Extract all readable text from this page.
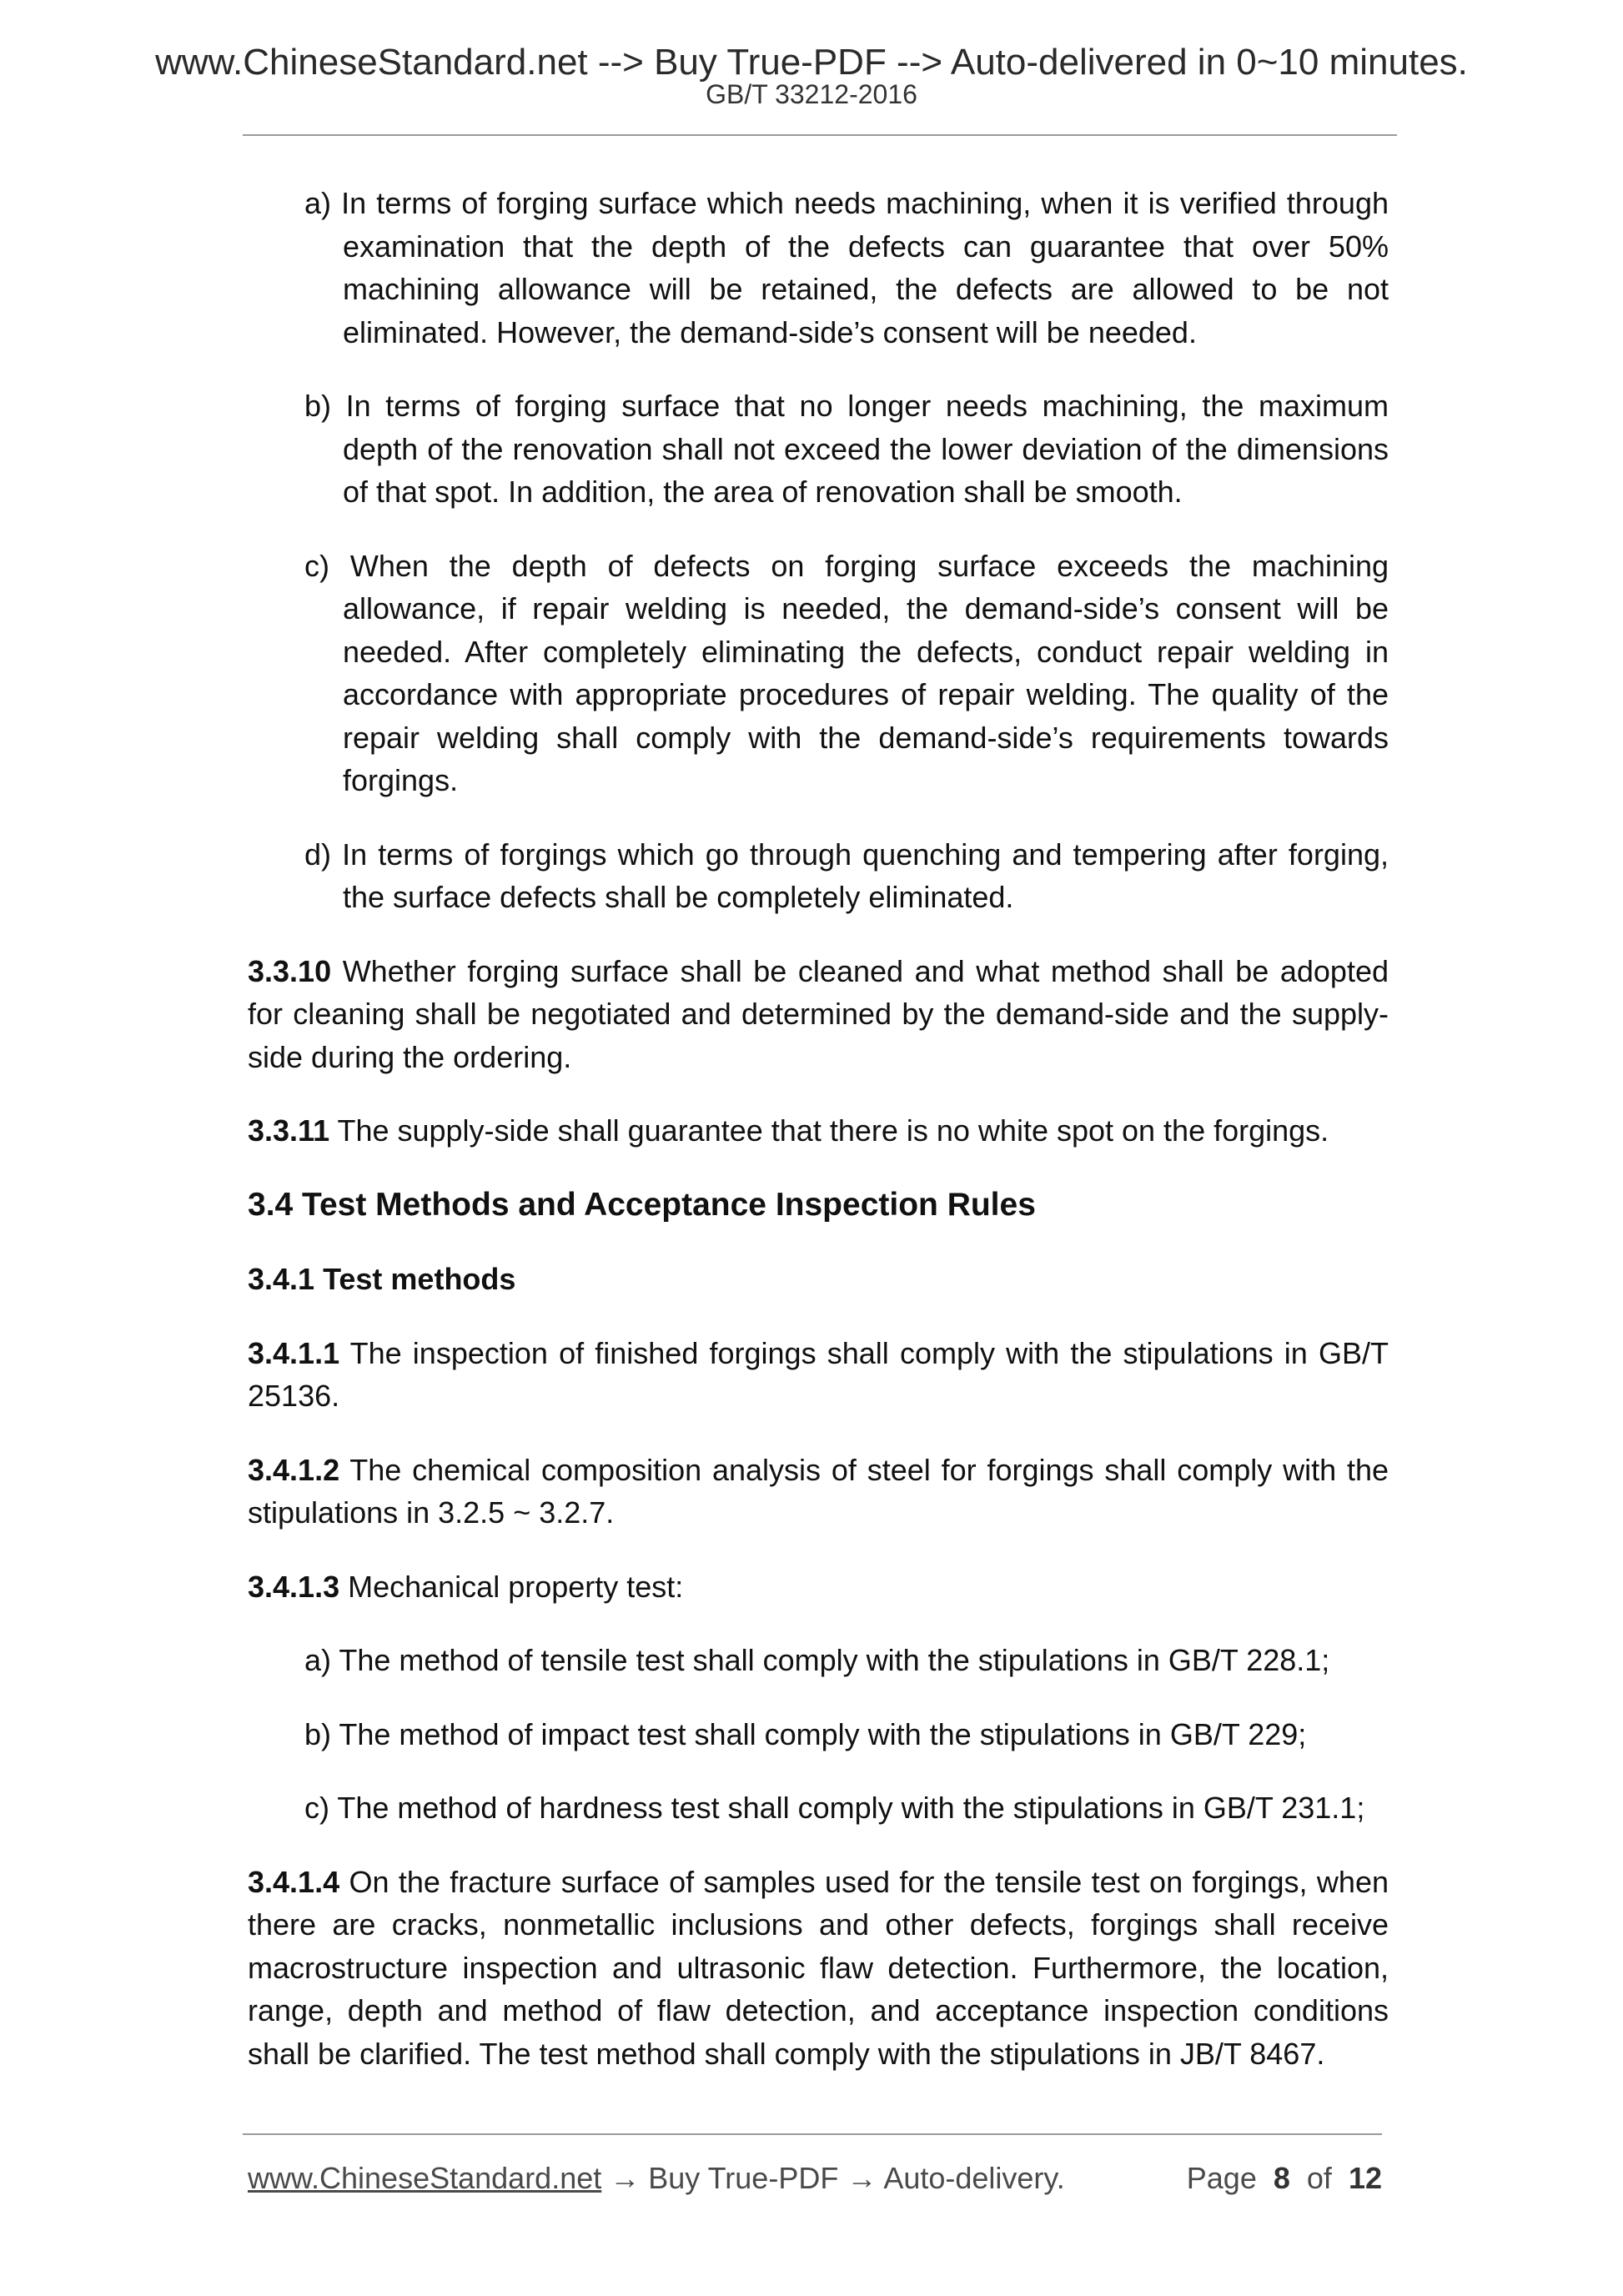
www.ChineseStandard.net --> Buy True-PDF --> Auto-delivered in 0~10 minutes.
GB/T 33212-2016

a) In terms of forging surface which needs machining, when it is verified through examination that the depth of the defects can guarantee that over 50% machining allowance will be retained, the defects are allowed to be not eliminated. However, the demand-side’s consent will be needed.

b) In terms of forging surface that no longer needs machining, the maximum depth of the renovation shall not exceed the lower deviation of the dimensions of that spot. In addition, the area of renovation shall be smooth.

c) When the depth of defects on forging surface exceeds the machining allowance, if repair welding is needed, the demand-side’s consent will be needed. After completely eliminating the defects, conduct repair welding in accordance with appropriate procedures of repair welding. The quality of the repair welding shall comply with the demand-side’s requirements towards forgings.

d) In terms of forgings which go through quenching and tempering after forging, the surface defects shall be completely eliminated.

3.3.10 Whether forging surface shall be cleaned and what method shall be adopted for cleaning shall be negotiated and determined by the demand-side and the supply-side during the ordering.

3.3.11 The supply-side shall guarantee that there is no white spot on the forgings.

3.4 Test Methods and Acceptance Inspection Rules
3.4.1 Test methods

3.4.1.1 The inspection of finished forgings shall comply with the stipulations in GB/T 25136.

3.4.1.2 The chemical composition analysis of steel for forgings shall comply with the stipulations in 3.2.5 ~ 3.2.7.

3.4.1.3 Mechanical property test:

a) The method of tensile test shall comply with the stipulations in GB/T 228.1;

b) The method of impact test shall comply with the stipulations in GB/T 229;

c) The method of hardness test shall comply with the stipulations in GB/T 231.1;

3.4.1.4 On the fracture surface of samples used for the tensile test on forgings, when there are cracks, nonmetallic inclusions and other defects, forgings shall receive macrostructure inspection and ultrasonic flaw detection. Furthermore, the location, range, depth and method of flaw detection, and acceptance inspection conditions shall be clarified. The test method shall comply with the stipulations in JB/T 8467.

www.ChineseStandard.net → Buy True-PDF → Auto-delivery.	Page 8 of 12
